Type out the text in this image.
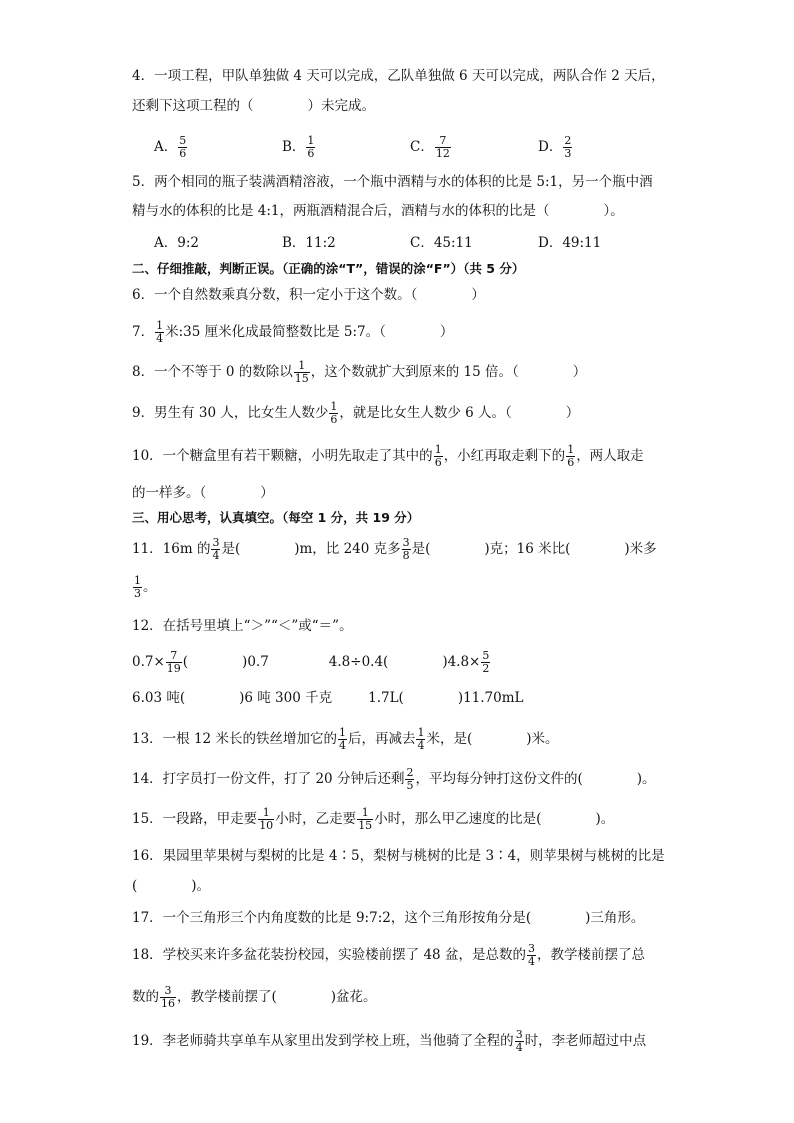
4．一项工程，甲队单独做 4 天可以完成，乙队单独做 6 天可以完成，两队合作 2 天后，
还剩下这项工程的（　　　　）未完成。
A． $\frac{5}{6}$	B． $\frac{1}{6}$	C． $\frac{7}{12}$	D． $\frac{2}{3}$
5．两个相同的瓶子装满酒精溶液，一个瓶中酒精与水的体积的比是 5:1，另一个瓶中酒
精与水的体积的比是 4:1，两瓶酒精混合后，酒精与水的体积的比是（　　　　）。
A．9:2	B．11:2	C．45:11	D．49:11
二、仔细推敲，判断正误。（正确的涂“T”，错误的涂“F”）（共 5 分）
6．一个自然数乘真分数，积一定小于这个数。（　　　　）
7． $\frac{1}{4}$ 米:35 厘米化成最简整数比是 5:7。（　　　　）
8．一个不等于 0 的数除以 $\frac{1}{15}$ ，这个数就扩大到原来的 15 倍。（　　　　）
9．男生有 30 人，比女生人数少 $\frac{1}{6}$ ，就是比女生人数少 6 人。（　　　　）
10．一个糖盒里有若干颗糖，小明先取走了其中的 $\frac{1}{6}$ ，小红再取走剩下的 $\frac{1}{6}$ ，两人取走
的一样多。（　　　　）
三、用心思考，认真填空。（每空 1 分，共 19 分）
11．16m 的 $\frac{3}{4}$ 是(　　　　)m，比 240 克多 $\frac{3}{8}$ 是(　　　　)克；16 米比(　　　　)米多
$\frac{1}{3}$ 。
12．在括号里填上“＞”“＜”或“＝”。
$0.7\times \frac{7}{19}$ (　　　　)0.7	4.8÷0.4(　　　　)$4.8\times \frac{5}{2}$
6.03 吨(　　　　)6 吨 300 千克	1.7L(　　　　)11.70mL
13．一根 12 米长的铁丝增加它的 $\frac{1}{4}$ 后，再减去 $\frac{1}{4}$ 米，是(　　　　)米。
14．打字员打一份文件，打了 20 分钟后还剩 $\frac{2}{5}$ ，平均每分钟打这份文件的(　　　　)。
15．一段路，甲走要 $\frac{1}{10}$ 小时，乙走要 $\frac{1}{15}$ 小时，那么甲乙速度的比是(　　　　)。
16．果园里苹果树与梨树的比是 4∶5，梨树与桃树的比是 3∶4，则苹果树与桃树的比是
(　　　　)。
17．一个三角形三个内角度数的比是 9:7:2，这个三角形按角分是(　　　　)三角形。
18．学校买来许多盆花装扮校园，实验楼前摆了 48 盆，是总数的 $\frac{3}{4}$ ，教学楼前摆了总
数的 $\frac{3}{16}$ ，教学楼前摆了(　　　　)盆花。
19．李老师骑共享单车从家里出发到学校上班，当他骑了全程的 $\frac{3}{4}$ 时，李老师超过中点
